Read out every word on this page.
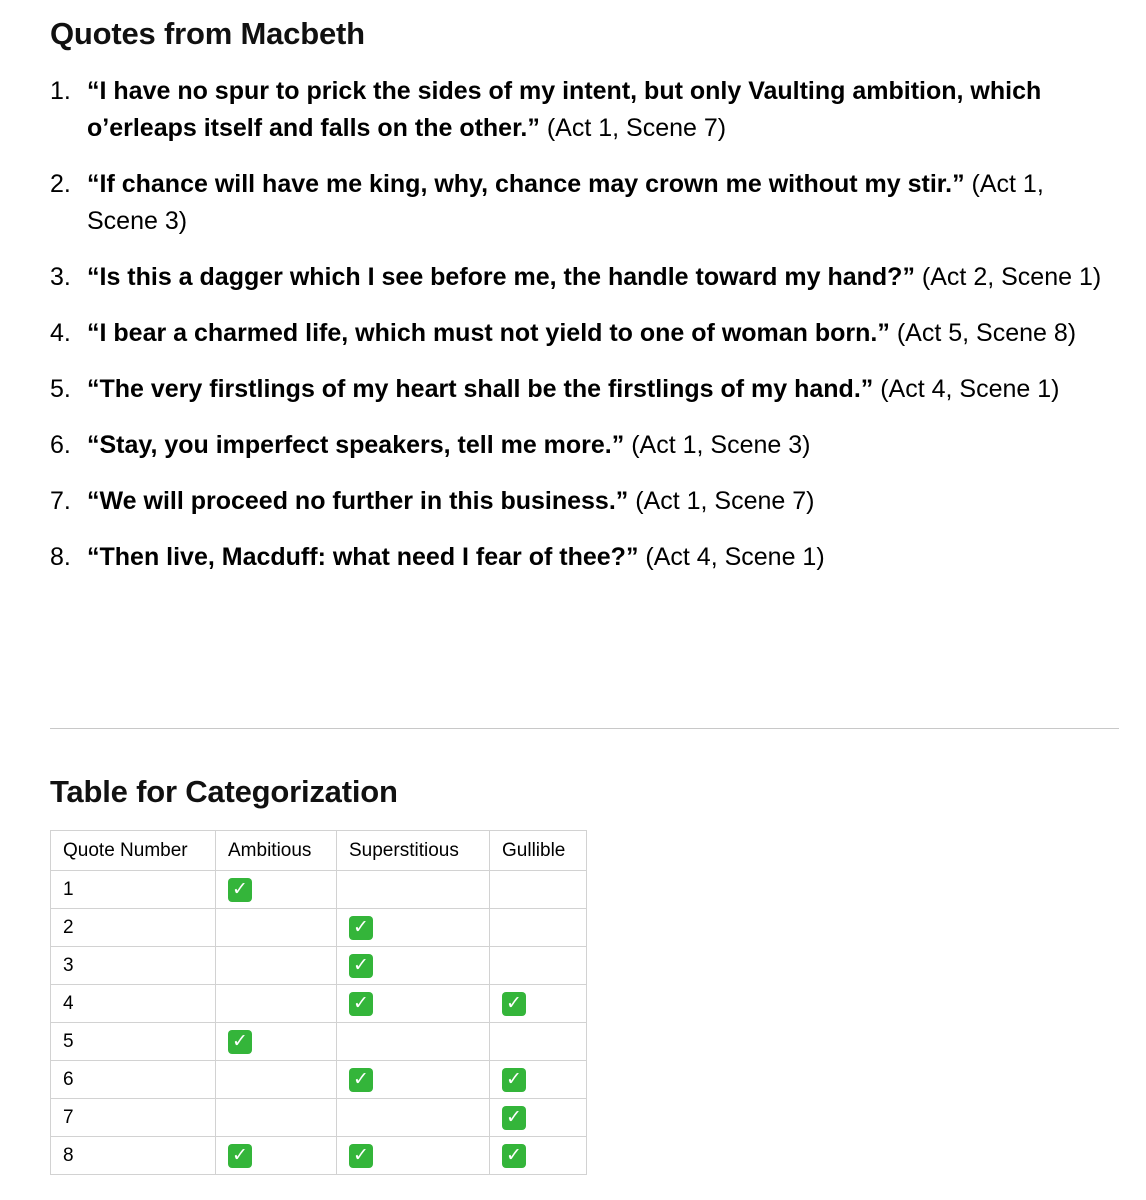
Quotes from Macbeth
1. “I have no spur to prick the sides of my intent, but only Vaulting ambition, which o’erleaps itself and falls on the other.” (Act 1, Scene 7)
2. “If chance will have me king, why, chance may crown me without my stir.” (Act 1, Scene 3)
3. “Is this a dagger which I see before me, the handle toward my hand?” (Act 2, Scene 1)
4. “I bear a charmed life, which must not yield to one of woman born.” (Act 5, Scene 8)
5. “The very firstlings of my heart shall be the firstlings of my hand.” (Act 4, Scene 1)
6. “Stay, you imperfect speakers, tell me more.” (Act 1, Scene 3)
7. “We will proceed no further in this business.” (Act 1, Scene 7)
8. “Then live, Macduff: what need I fear of thee?” (Act 4, Scene 1)
Table for Categorization
Quote Number	Ambitious	Superstitious	Gullible
1	✓		
2		✓	
3		✓	
4		✓	✓
5	✓		
6		✓	✓
7			✓
8	✓	✓	✓
